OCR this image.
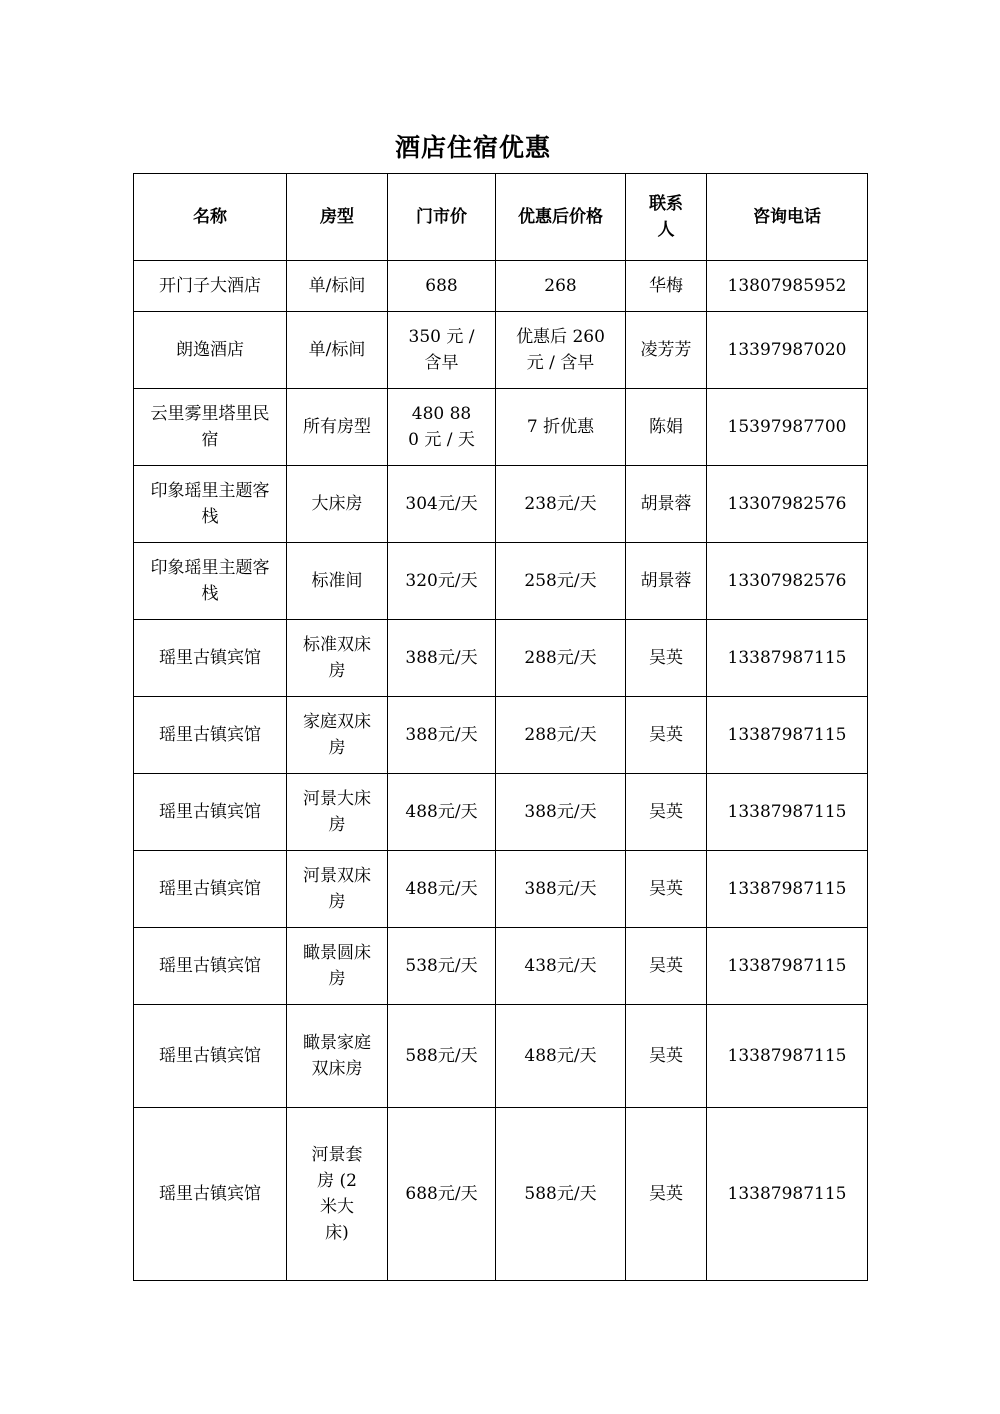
酒店住宿优惠
名称	房型	门市价	优惠后价格	联系人	咨询电话
开门子大酒店	单/标间	688	268	华梅	13807985952
朗逸酒店	单/标间	350 元 / 含早	优惠后 260 元 / 含早	凌芳芳	13397987020
云里雾里塔里民宿	所有房型	480 880 元 / 天	7 折优惠	陈娟	15397987700
印象瑶里主题客栈	大床房	304元/天	238元/天	胡景蓉	13307982576
印象瑶里主题客栈	标准间	320元/天	258元/天	胡景蓉	13307982576
瑶里古镇宾馆	标准双床房	388元/天	288元/天	吴英	13387987115
瑶里古镇宾馆	家庭双床房	388元/天	288元/天	吴英	13387987115
瑶里古镇宾馆	河景大床房	488元/天	388元/天	吴英	13387987115
瑶里古镇宾馆	河景双床房	488元/天	388元/天	吴英	13387987115
瑶里古镇宾馆	瞰景圆床房	538元/天	438元/天	吴英	13387987115
瑶里古镇宾馆	瞰景家庭双床房	588元/天	488元/天	吴英	13387987115
瑶里古镇宾馆	河景套房 (2 米大床)	688元/天	588元/天	吴英	13387987115
